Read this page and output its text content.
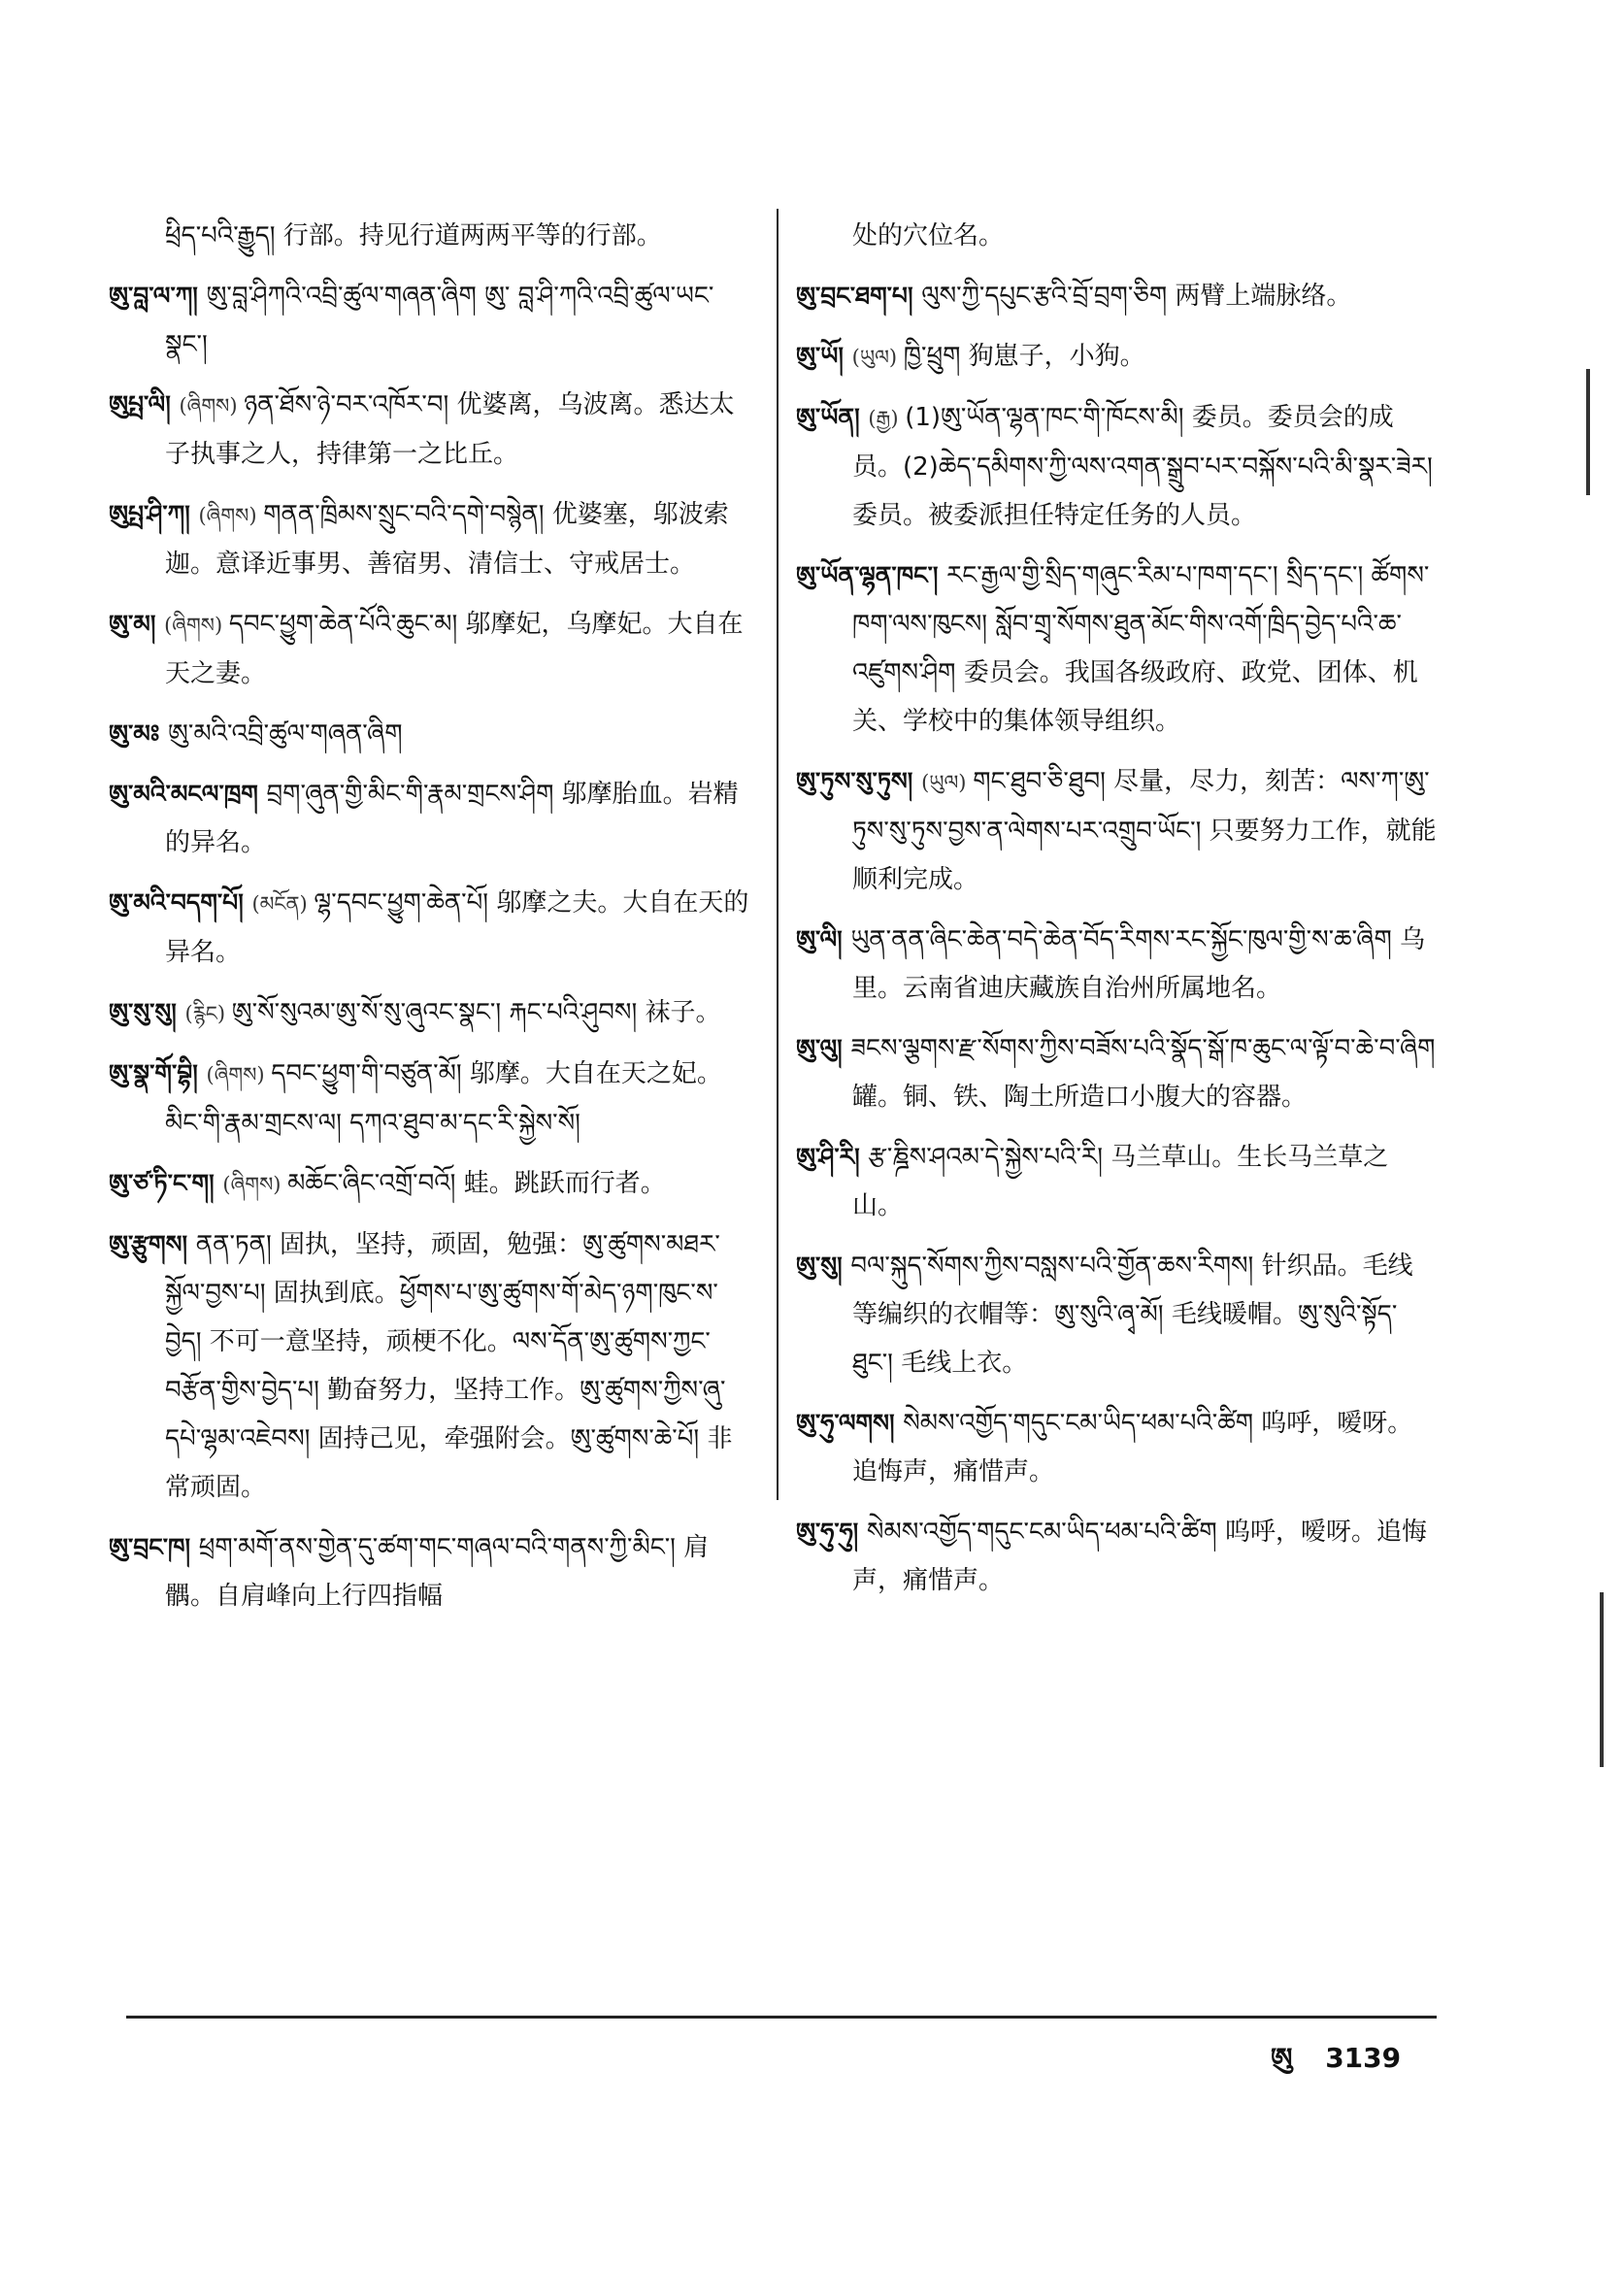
ཕྲིད་པའི་རྒྱུད། 行部。持见行道两两平等的行部。
ཨུ་བླ་ལ་ཀ། ཨུ་བླ་ཤིཀའི་འབྲི་ཚུལ་གཞན་ཞིག ཨུ་ བླ་ཤི་ཀའི་འབྲི་ཚུལ་ཡང་སྣང་།
ཨུཔྤ་ལི། (ཞིགས) ཉན་ཐོས་ཉེ་བར་འཁོར་བ། 优婆离，乌波离。悉达太子执事之人，持律第一之比丘。
ཨུཔྤ་ཤི་ཀ། (ཞིགས) གནན་ཁྲིམས་སྲུང་བའི་དགེ་བསྙེན། 优婆塞，邬波索迦。意译近事男、善宿男、清信士、守戒居士。
ཨུ་མ། (ཞིགས) དབང་ཕྱུག་ཆེན་པོའི་ཆུང་མ། 邬摩妃，乌摩妃。大自在天之妻。
ཨུ་མཿ ཨུ་མའི་འབྲི་ཚུལ་གཞན་ཞིག
ཨུ་མའི་མངལ་ཁྲག བྲག་ཞུན་གྱི་མིང་གི་རྣམ་གྲངས་ཤིག 邬摩胎血。岩精的异名。
ཨུ་མའི་བདག་པོ། (མངོན) ལྷ་དབང་ཕྱུག་ཆེན་པོ། 邬摩之夫。大自在天的异名。
ཨུ་སུ་སུ། (རྙིང) ཨུ་སོ་སུའམ་ཨུ་སོ་སུ་ཞུའང་སྣང་། རྐང་པའི་ཤུབས། 袜子。
ཨུ་སྣ་གོ་བྷི། (ཞིགས) དབང་ཕྱུག་གི་བཙུན་མོ། 邬摩。大自在天之妃。མིང་གི་རྣམ་གྲངས་ལ། དཀའ་ཐུབ་མ་དང་རི་སྐྱེས་སོ།
ཨུ་ཙ་ཏི་ང་ག། (ཞིགས) མཆོང་ཞིང་འགྲོ་བའོ། 蛙。跳跃而行者。
ཨུ་རྩུགས། ནན་ཏན། 固执，坚持，顽固，勉强：ཨུ་ཚུགས་མཐར་སྐྱོལ་བྱས་པ། 固执到底。ཕྱོགས་པ་ཨུ་ཚུགས་གོ་མེད་ཉག་ཁུང་ས་བྱེད། 不可一意坚持，顽梗不化。ལས་དོན་ཨུ་ཚུགས་ཀྱང་བརྩོན་གྱིས་བྱེད་པ། 勤奋努力，坚持工作。ཨུ་ཚུགས་ཀྱིས་ཞུ་དཔེ་ལྷམ་འཇེབས། 固持己见，牵强附会。ཨུ་ཚུགས་ཆེ་པོ། 非常顽固。
ཨུ་བྲང་ཁ། ཕྲག་མགོ་ནས་གྱེན་དུ་ཚག་གང་གཞལ་བའི་གནས་ཀྱི་མིང་། 肩髃。自肩峰向上行四指幅
处的穴位名。
ཨུ་བྲང་ཐག་པ། ལུས་ཀྱི་དཔུང་རྩའི་བྲོ་བྲག་ཅིག 两臂上端脉络。
ཨུ་ཡོ། (ཡུལ) ཁྱི་ཕྲུག 狗崽子，小狗。
ཨུ་ཡོན། (རྒྱ) (1)ཨུ་ཡོན་ལྷན་ཁང་གི་ཁོངས་མི། 委员。委员会的成员。(2)ཆེད་དམིགས་ཀྱི་ལས་འགན་སྒྲུབ་པར་བསྐོས་པའི་མི་སྣར་ཟེར། 委员。被委派担任特定任务的人员。
ཨུ་ཡོན་ལྷན་ཁང་། རང་རྒྱལ་གྱི་སྲིད་གཞུང་རིམ་པ་ཁག་དང་། སྲིད་དང་། ཚོགས་ཁག་ལས་ཁུངས། སློབ་གྲྭ་སོགས་ཐུན་མོང་གིས་འགོ་ཁྲིད་བྱེད་པའི་ཆ་འཛུགས་ཤིག 委员会。我国各级政府、政党、团体、机关、学校中的集体领导组织。
ཨུ་ཏུས་སུ་ཏུས། (ཡུལ) གང་ཐུབ་ཅི་ཐུབ། 尽量，尽力，刻苦：ལས་ཀ་ཨུ་ཏུས་སུ་ཏུས་བྱས་ན་ལེགས་པར་འགྲུབ་ཡོང་། 只要努力工作，就能顺利完成。
ཨུ་ལི། ཡུན་ནན་ཞིང་ཆེན་བདེ་ཆེན་བོད་རིགས་རང་སྐྱོང་ཁུལ་གྱི་ས་ཆ་ཞིག 乌里。云南省迪庆藏族自治州所属地名。
ཨུ་ལུ། ཟངས་ལྕགས་རྫ་སོགས་ཀྱིས་བཟོས་པའི་སྣོད་སྒོ་ཁ་ཆུང་ལ་ལྟོ་བ་ཆེ་བ་ཞིག 罐。铜、铁、陶土所造口小腹大的容器。
ཨུ་ཤི་རི། རྩ་ཎྜིས་ཤའམ་དེ་སྐྱེས་པའི་རི། 马兰草山。生长马兰草之山。
ཨུ་སུ། བལ་སྐུད་སོགས་ཀྱིས་བསླས་པའི་གྱོན་ཆས་རིགས། 针织品。毛线等编织的衣帽等：ཨུ་སུའི་ཞྭ་མོ། 毛线暖帽。ཨུ་སུའི་སྟོད་ཐུང་། 毛线上衣。
ཨུ་ཧུ་ལགས། སེམས་འགྱོད་གདུང་ངམ་ཡིད་ཕམ་པའི་ཚིག 呜呼，嗳呀。追悔声，痛惜声。
ཨུ་ཧུ་ཧུ། སེམས་འགྱོད་གདུང་ངམ་ཡིད་ཕམ་པའི་ཚིག 呜呼，嗳呀。追悔声，痛惜声。
ཨུ 3139
